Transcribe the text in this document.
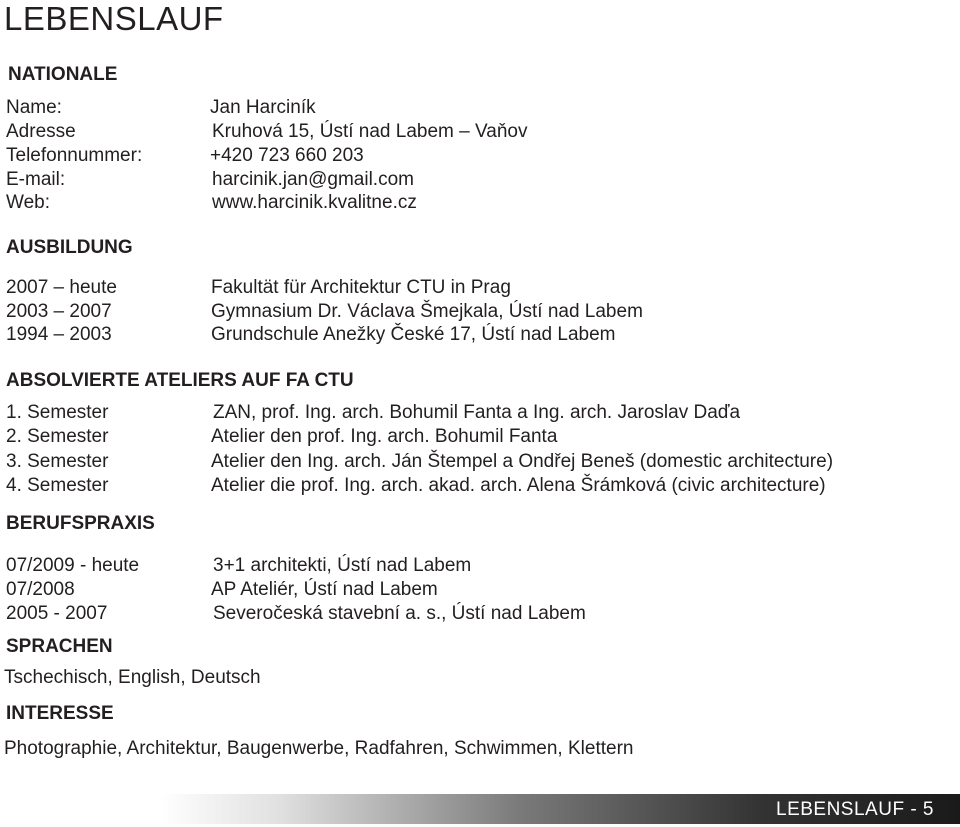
LEBENSLAUF
NATIONALE
Name:	Jan Harciník
Adresse	Kruhová 15, Ústí nad Labem – Vaňov
Telefonnummer:	+420 723 660 203
E-mail:	harcinik.jan@gmail.com
Web:	www.harcinik.kvalitne.cz
AUSBILDUNG
2007 – heute	Fakultät für Architektur CTU in Prag
2003 – 2007	Gymnasium Dr. Václava Šmejkala, Ústí nad Labem
1994 – 2003	Grundschule Anežky České 17, Ústí nad Labem
ABSOLVIERTE ATELIERS AUF FA CTU
1. Semester	ZAN, prof. Ing. arch. Bohumil Fanta a Ing. arch. Jaroslav Daďa
2. Semester	Atelier den prof. Ing. arch. Bohumil Fanta
3. Semester	Atelier den Ing. arch. Ján Štempel a Ondřej Beneš (domestic architecture)
4. Semester	Atelier die prof. Ing. arch. akad. arch. Alena Šrámková (civic architecture)
BERUFSPRAXIS
07/2009 - heute	3+1 architekti, Ústí nad Labem
07/2008	AP Ateliér, Ústí nad Labem
2005 - 2007	Severočeská stavební a. s., Ústí nad Labem
SPRACHEN
Tschechisch, English, Deutsch
INTERESSE
Photographie, Architektur, Baugenwerbe, Radfahren, Schwimmen, Klettern
LEBENSLAUF - 5
